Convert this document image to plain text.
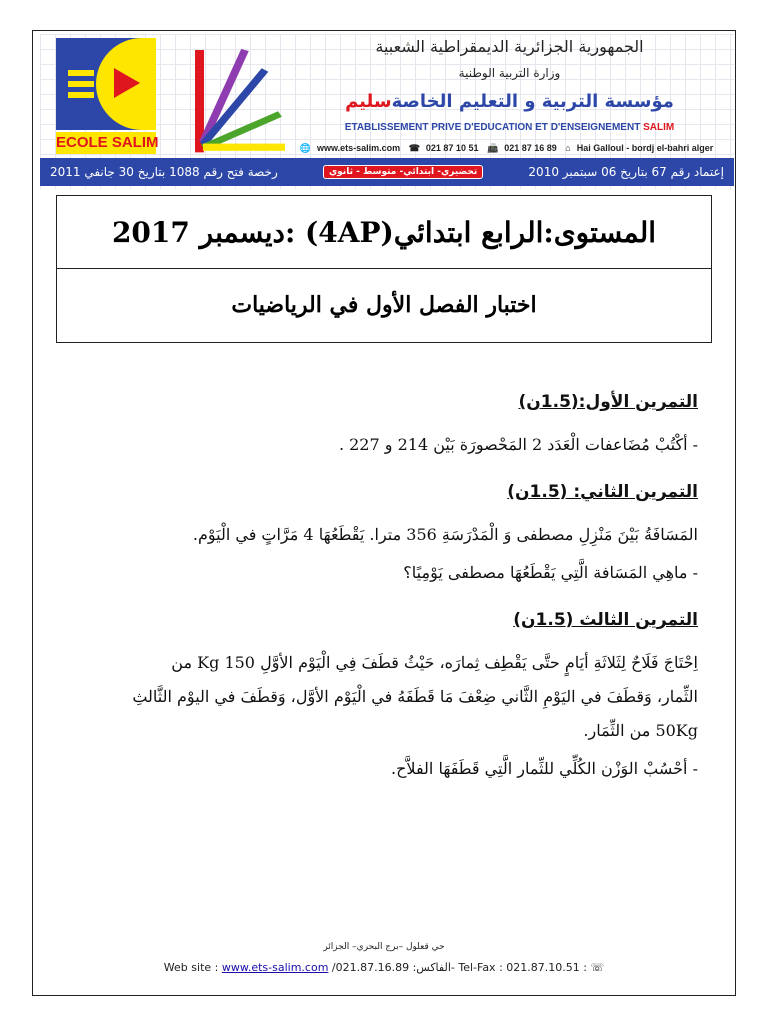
ECOLE SALIM
الجمهورية الجزائرية الديمقراطية الشعبية
وزارة التربية الوطنية
مؤسسة التربية و التعليم الخاصةسليم
ETABLISSEMENT PRIVE D'EDUCATION ET D'ENSEIGNEMENT SALIM
🌐 www.ets-salim.com ☎ 021 87 10 51 📠 021 87 16 89 ⌂ Hai Galloul - bordj el-bahri alger
رخصة فتح رقم 1088 بتاريخ 30 جانفي 2011	تحضيري- ابتدائي- متوسط - ثانوي	إعتماد رقم 67 بتاريخ 06 سبتمبر 2010
المستوى:الرابع ابتدائي(4AP) :ديسمبر 2017
اختبار الفصل الأول في الرياضيات
التمرين الأول:(1.5ن)
- أكْتُبْ مُضَاعفات الْعَدَد 2 المَحْصورَة بَيْن 214 و 227 .
التمرين الثاني: (1.5ن)
المَسَافَةُ بَيْنَ مَنْزِلِ مصطفى وَ الْمَدْرَسَةِ 356 مترا. يَقْطَعُهَا 4 مَرَّاتٍ في الْيَوْم.
- ماهِي المَسَافة الَّتِي يَقْطَعُهَا مصطفى يَوْمِيًا؟
التمرين الثالث (1.5ن)
اِحْتَاجَ فَلَاحٌ لِثَلاثَةِ أيَامٍ حتَّى يَقْطِف ثِمارَه، حَيْثُ قطَفَ فِي الْيَوْم الأوَّلِ 150 Kg من
الثِّمار، وَقطَفَ في اليَوْمِ الثَّاني ضِعْفَ مَا قَطَفَهُ في الْيَوْم الأوَّل، وَقطَفَ في اليوْم الثَّالثِ
50Kg من الثِّمَار.
- أحْسُبْ الوَزْن الكُلِّي للثِّمار الَّتِي قَطَفَهَا الفلاَّح.
حي قعلول –برج البحري– الجزائر
Web site : www.ets-salim.com /021.87.16.89 :الفاكس- Tel-Fax : 021.87.10.51 : ☏
